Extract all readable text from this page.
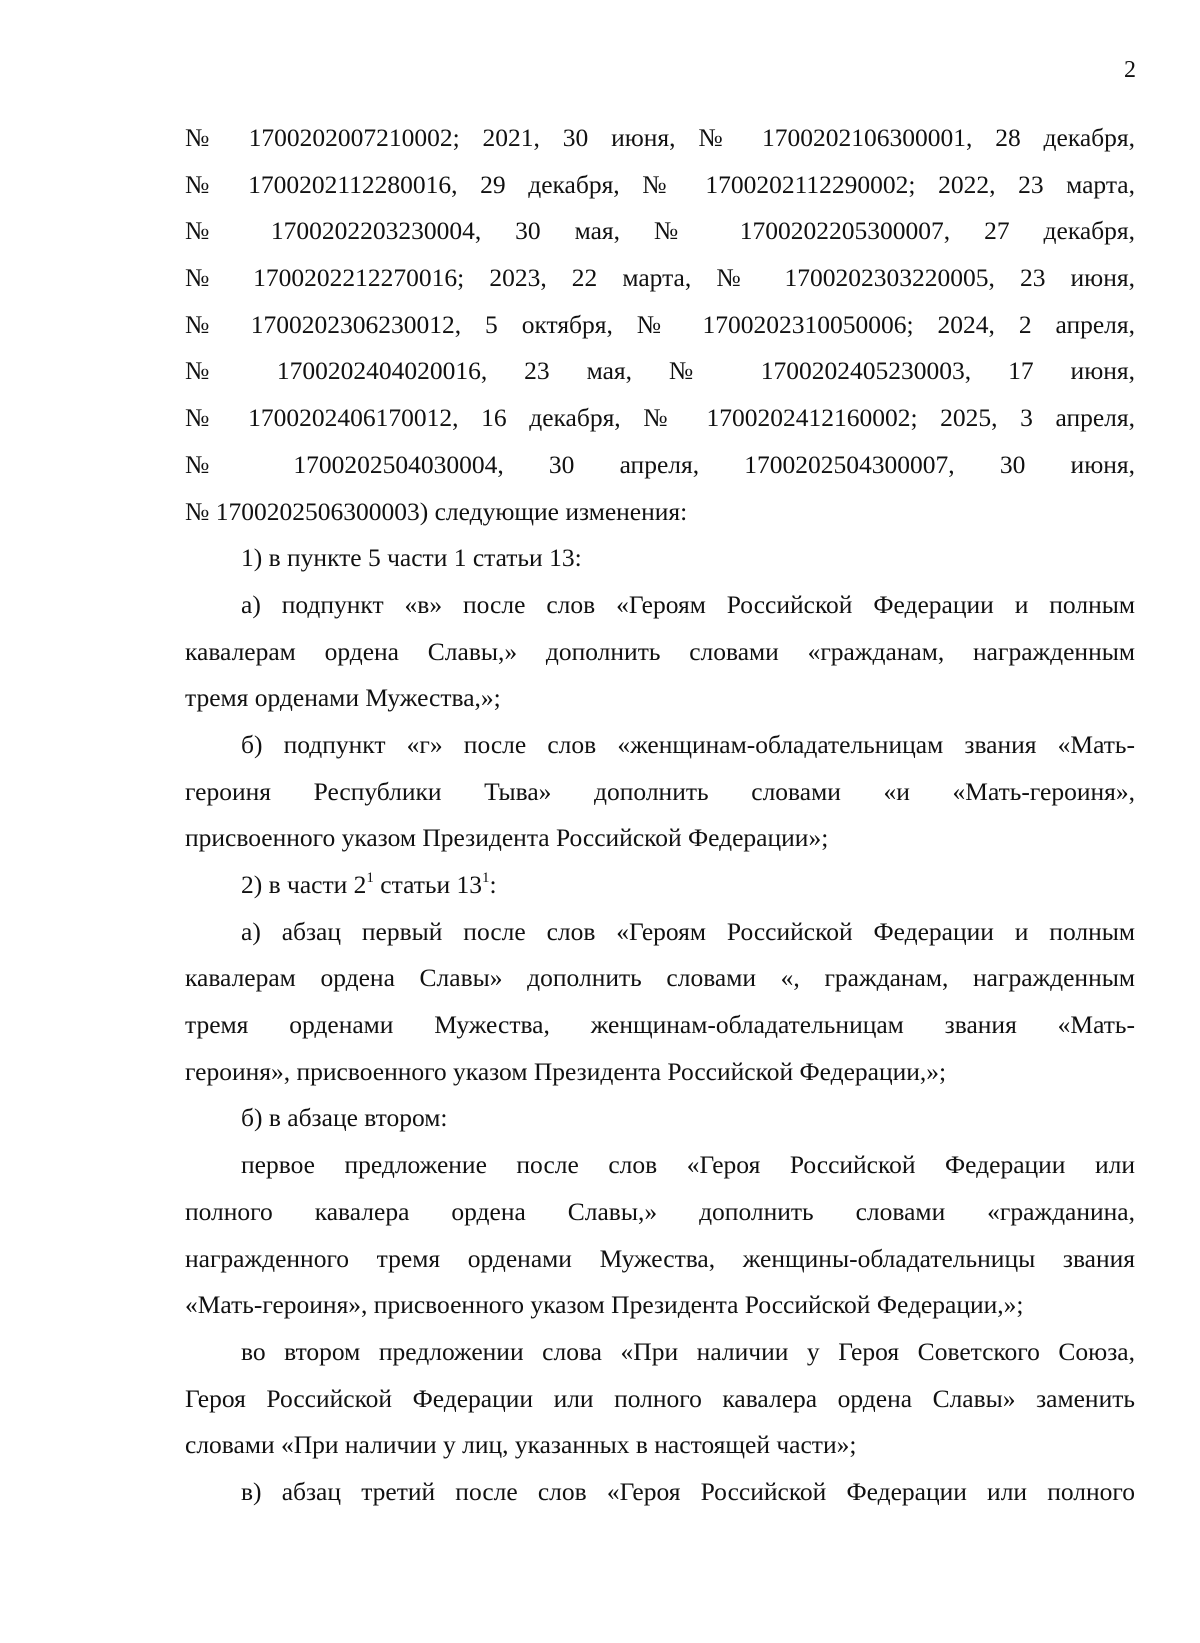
2
№ 1700202007210002; 2021, 30 июня, № 1700202106300001, 28 декабря,
№ 1700202112280016, 29 декабря, № 1700202112290002; 2022, 23 марта,
№ 1700202203230004, 30 мая, № 1700202205300007, 27 декабря,
№ 1700202212270016; 2023, 22 марта, № 1700202303220005, 23 июня,
№ 1700202306230012, 5 октября, № 1700202310050006; 2024, 2 апреля,
№ 1700202404020016, 23 мая, № 1700202405230003, 17 июня,
№ 1700202406170012, 16 декабря, № 1700202412160002; 2025, 3 апреля,
№ 1700202504030004, 30 апреля, 1700202504300007, 30 июня,
№ 1700202506300003) следующие изменения:
1) в пункте 5 части 1 статьи 13:
а) подпункт «в» после слов «Героям Российской Федерации и полным
кавалерам ордена Славы,» дополнить словами «гражданам, награжденным
тремя орденами Мужества,»;
б) подпункт «г» после слов «женщинам-обладательницам звания «Мать-
героиня Республики Тыва» дополнить словами «и «Мать-героиня»,
присвоенного указом Президента Российской Федерации»;
2) в части $2^1$ статьи $13^1$:
а) абзац первый после слов «Героям Российской Федерации и полным
кавалерам ордена Славы» дополнить словами «, гражданам, награжденным
тремя орденами Мужества, женщинам-обладательницам звания «Мать-
героиня», присвоенного указом Президента Российской Федерации,»;
б) в абзаце втором:
первое предложение после слов «Героя Российской Федерации или
полного кавалера ордена Славы,» дополнить словами «гражданина,
награжденного тремя орденами Мужества, женщины-обладательницы звания
«Мать-героиня», присвоенного указом Президента Российской Федерации,»;
во втором предложении слова «При наличии у Героя Советского Союза,
Героя Российской Федерации или полного кавалера ордена Славы» заменить
словами «При наличии у лиц, указанных в настоящей части»;
в) абзац третий после слов «Героя Российской Федерации или полного
